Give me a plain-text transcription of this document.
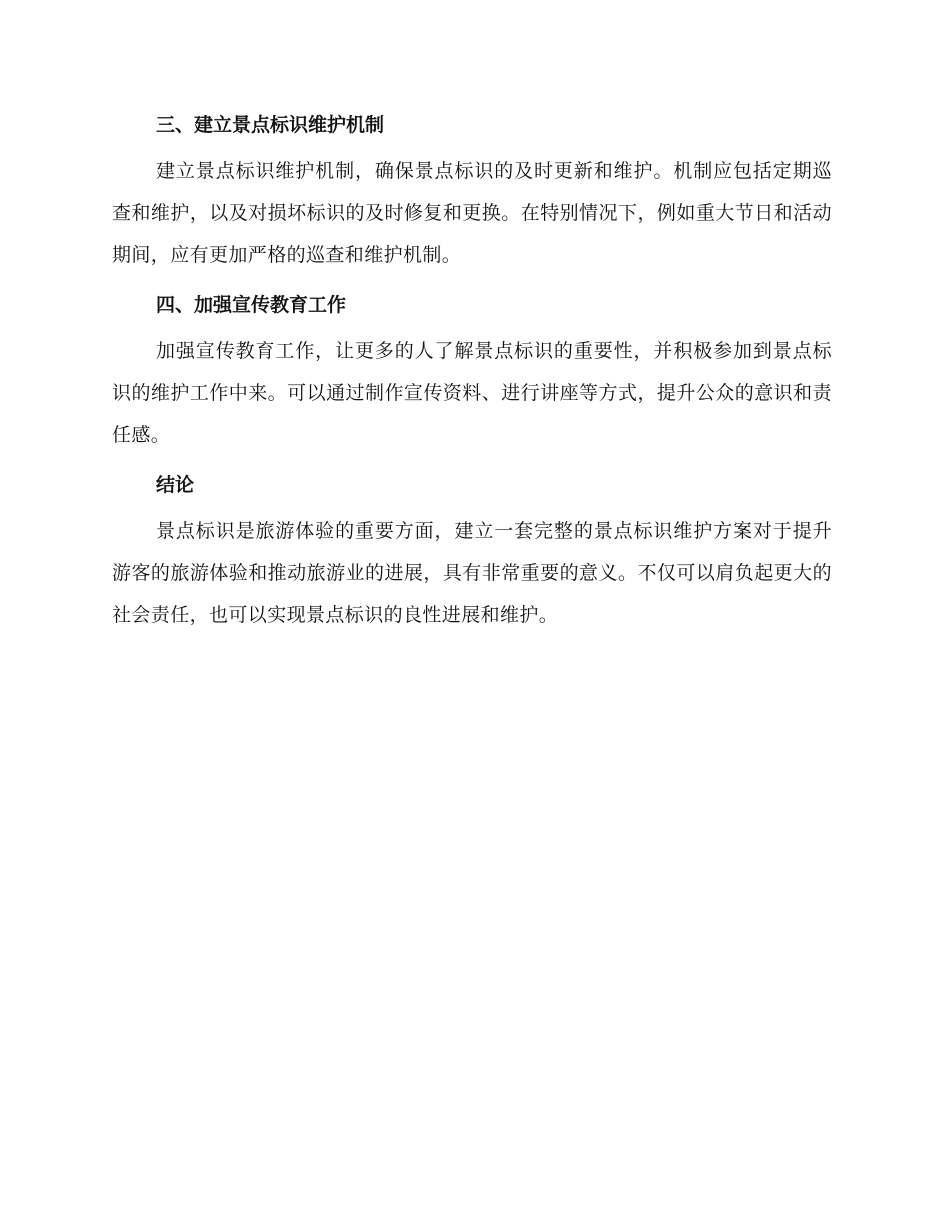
三、建立景点标识维护机制

建立景点标识维护机制，确保景点标识的及时更新和维护。机制应包括定期巡查和维护，以及对损坏标识的及时修复和更换。在特别情况下，例如重大节日和活动期间，应有更加严格的巡查和维护机制。

四、加强宣传教育工作

加强宣传教育工作，让更多的人了解景点标识的重要性，并积极参加到景点标识的维护工作中来。可以通过制作宣传资料、进行讲座等方式，提升公众的意识和责任感。

结论

景点标识是旅游体验的重要方面，建立一套完整的景点标识维护方案对于提升游客的旅游体验和推动旅游业的进展，具有非常重要的意义。不仅可以肩负起更大的社会责任，也可以实现景点标识的良性进展和维护。
